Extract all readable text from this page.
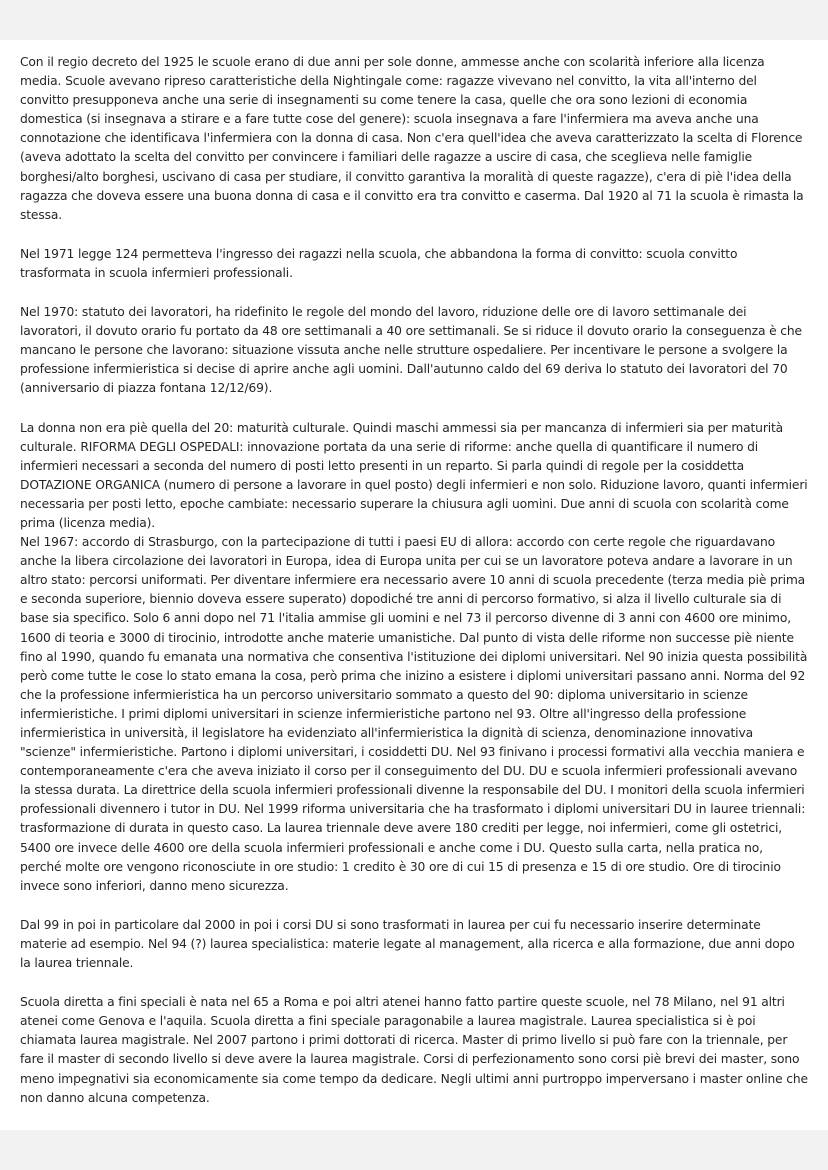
Con il regio decreto del 1925 le scuole erano di due anni per sole donne, ammesse anche con scolarità inferiore alla licenza media. Scuole avevano ripreso caratteristiche della Nightingale come: ragazze vivevano nel convitto, la vita all'interno del convitto presupponeva anche una serie di insegnamenti su come tenere la casa, quelle che ora sono lezioni di economia domestica (si insegnava a stirare e a fare tutte cose del genere): scuola insegnava a fare l'infermiera ma aveva anche una connotazione che identificava l'infermiera con la donna di casa. Non c'era quell'idea che aveva caratterizzato la scelta di Florence (aveva adottato la scelta del convitto per convincere i familiari delle ragazze a uscire di casa, che sceglieva nelle famiglie borghesi/alto borghesi, uscivano di casa per studiare, il convitto garantiva la moralità di queste ragazze), c'era di piè l'idea della ragazza che doveva essere una buona donna di casa e il convitto era tra convitto e caserma. Dal 1920 al 71 la scuola è rimasta la stessa.

Nel 1971 legge 124 permetteva l'ingresso dei ragazzi nella scuola, che abbandona la forma di convitto: scuola convitto trasformata in scuola infermieri professionali.

Nel 1970: statuto dei lavoratori, ha ridefinito le regole del mondo del lavoro, riduzione delle ore di lavoro settimanale dei lavoratori, il dovuto orario fu portato da 48 ore settimanali a 40 ore settimanali. Se si riduce il dovuto orario la conseguenza è che mancano le persone che lavorano: situazione vissuta anche nelle strutture ospedaliere. Per incentivare le persone a svolgere la professione infermieristica si decise di aprire anche agli uomini. Dall'autunno caldo del 69 deriva lo statuto dei lavoratori del 70 (anniversario di piazza fontana 12/12/69).

La donna non era piè quella del 20: maturità culturale. Quindi maschi ammessi sia per mancanza di infermieri sia per maturità culturale. RIFORMA DEGLI OSPEDALI: innovazione portata da una serie di riforme: anche quella di quantificare il numero di infermieri necessari a seconda del numero di posti letto presenti in un reparto. Si parla quindi di regole per la cosiddetta DOTAZIONE ORGANICA (numero di persone a lavorare in quel posto) degli infermieri e non solo. Riduzione lavoro, quanti infermieri necessaria per posti letto, epoche cambiate: necessario superare la chiusura agli uomini. Due anni di scuola con scolarità come prima (licenza media).

Nel 1967: accordo di Strasburgo, con la partecipazione di tutti i paesi EU di allora: accordo con certe regole che riguardavano anche la libera circolazione dei lavoratori in Europa, idea di Europa unita per cui se un lavoratore poteva andare a lavorare in un altro stato: percorsi uniformati. Per diventare infermiere era necessario avere 10 anni di scuola precedente (terza media piè prima e seconda superiore, biennio doveva essere superato) dopodiché tre anni di percorso formativo, si alza il livello culturale sia di base sia specifico. Solo 6 anni dopo nel 71 l'italia ammise gli uomini e nel 73 il percorso divenne di 3 anni con 4600 ore minimo, 1600 di teoria e 3000 di tirocinio, introdotte anche materie umanistiche. Dal punto di vista delle riforme non successe piè niente fino al 1990, quando fu emanata una normativa che consentiva l'istituzione dei diplomi universitari. Nel 90 inizia questa possibilità però come tutte le cose lo stato emana la cosa, però prima che inizino a esistere i diplomi universitari passano anni. Norma del 92 che la professione infermieristica ha un percorso universitario sommato a questo del 90: diploma universitario in scienze infermieristiche. I primi diplomi universitari in scienze infermieristiche partono nel 93. Oltre all'ingresso della professione infermieristica in università, il legislatore ha evidenziato all'infermieristica la dignità di scienza, denominazione innovativa "scienze" infermieristiche. Partono i diplomi universitari, i cosiddetti DU. Nel 93 finivano i processi formativi alla vecchia maniera e contemporaneamente c'era che aveva iniziato il corso per il conseguimento del DU. DU e scuola infermieri professionali avevano la stessa durata. La direttrice della scuola infermieri professionali divenne la responsabile del DU. I monitori della scuola infermieri professionali divennero i tutor in DU. Nel 1999 riforma universitaria che ha trasformato i diplomi universitari DU in lauree triennali: trasformazione di durata in questo caso. La laurea triennale deve avere 180 crediti per legge, noi infermieri, come gli ostetrici, 5400 ore invece delle 4600 ore della scuola infermieri professionali e anche come i DU. Questo sulla carta, nella pratica no, perché molte ore vengono riconosciute in ore studio: 1 credito è 30 ore di cui 15 di presenza e 15 di ore studio. Ore di tirocinio invece sono inferiori, danno meno sicurezza.

Dal 99 in poi in particolare dal 2000 in poi i corsi DU si sono trasformati in laurea per cui fu necessario inserire determinate materie ad esempio. Nel 94 (?) laurea specialistica: materie legate al management, alla ricerca e alla formazione, due anni dopo la laurea triennale.

Scuola diretta a fini speciali è nata nel 65 a Roma e poi altri atenei hanno fatto partire queste scuole, nel 78 Milano, nel 91 altri atenei come Genova e l'aquila. Scuola diretta a fini speciale paragonabile a laurea magistrale. Laurea specialistica si è poi chiamata laurea magistrale. Nel 2007 partono i primi dottorati di ricerca. Master di primo livello si può fare con la triennale, per fare il master di secondo livello si deve avere la laurea magistrale. Corsi di perfezionamento sono corsi piè brevi dei master, sono meno impegnativi sia economicamente sia come tempo da dedicare. Negli ultimi anni purtroppo imperversano i master online che non danno alcuna competenza.
